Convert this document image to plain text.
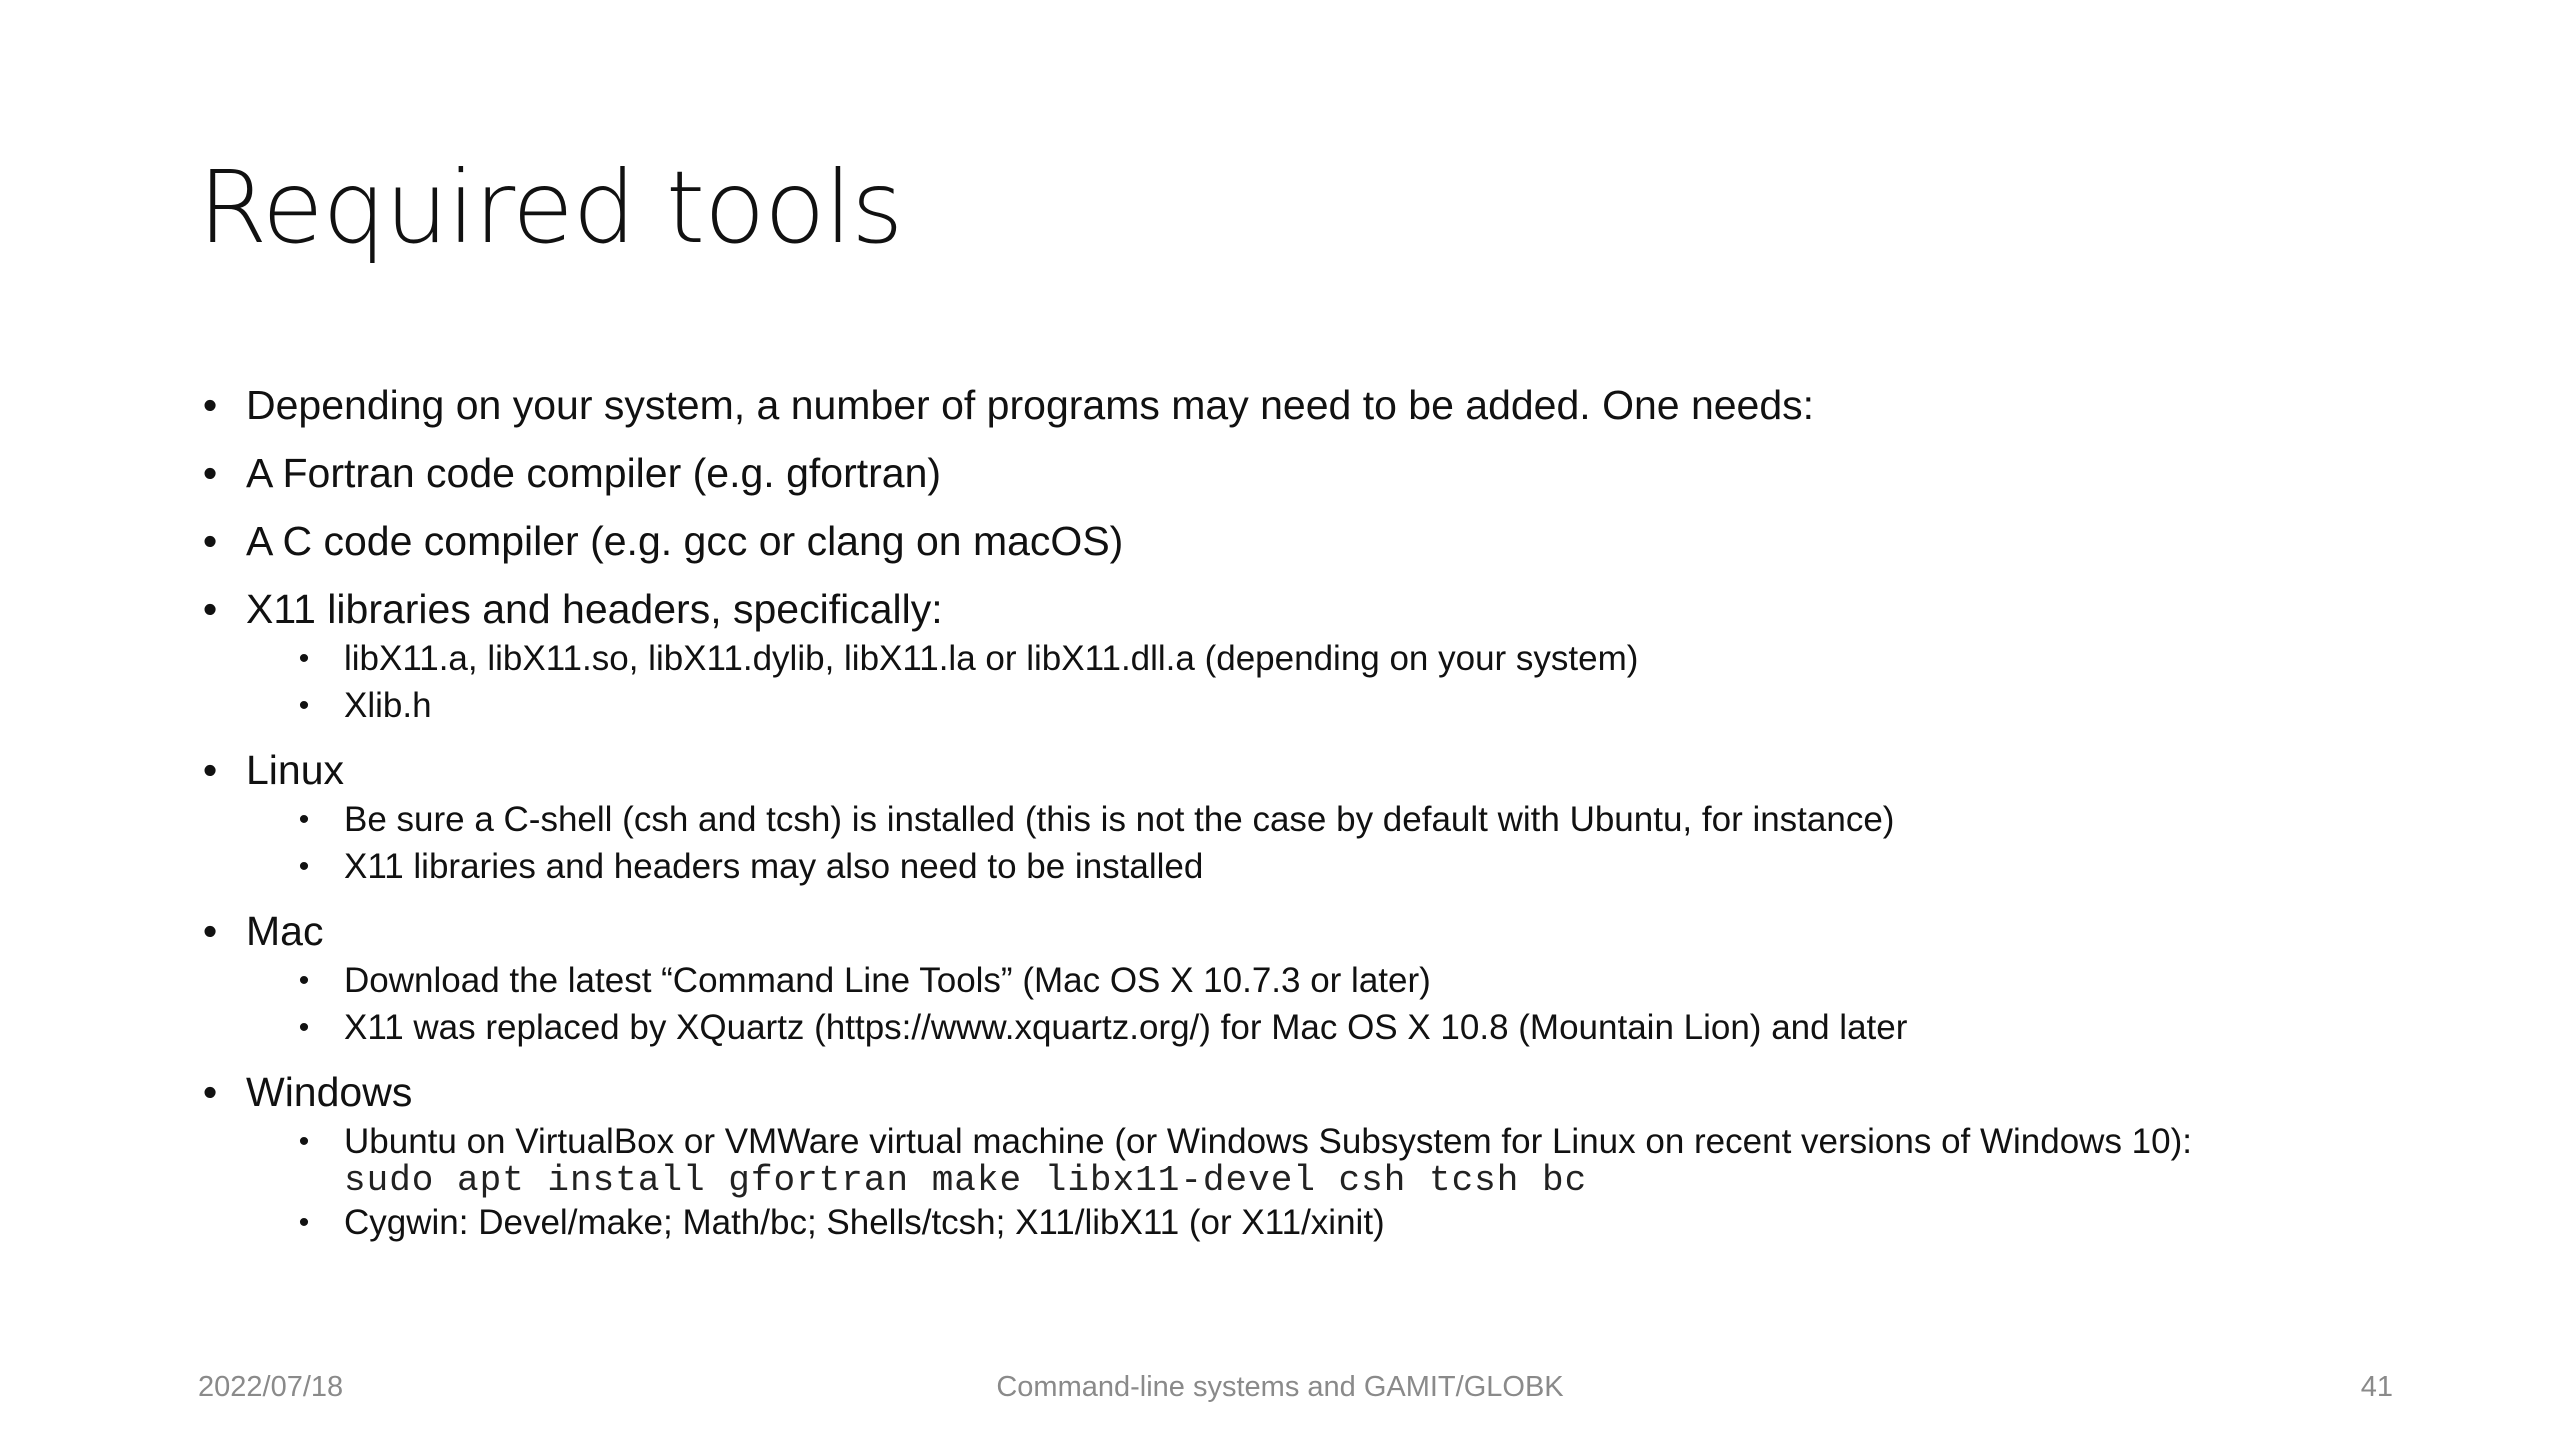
Required tools
• Depending on your system, a number of programs may need to be added. One needs:
• A Fortran code compiler (e.g. gfortran)
• A C code compiler (e.g. gcc or clang on macOS)
• X11 libraries and headers, specifically:
• libX11.a, libX11.so, libX11.dylib, libX11.la or libX11.dll.a (depending on your system)
• Xlib.h
• Linux
• Be sure a C-shell (csh and tcsh) is installed (this is not the case by default with Ubuntu, for instance)
• X11 libraries and headers may also need to be installed
• Mac
• Download the latest “Command Line Tools” (Mac OS X 10.7.3 or later)
• X11 was replaced by XQuartz (https://www.xquartz.org/) for Mac OS X 10.8 (Mountain Lion) and later
• Windows
• Ubuntu on VirtualBox or VMWare virtual machine (or Windows Subsystem for Linux on recent versions of Windows 10):
sudo apt install gfortran make libx11-devel csh tcsh bc
• Cygwin: Devel/make; Math/bc; Shells/tcsh; X11/libX11 (or X11/xinit)
2022/07/18	Command-line systems and GAMIT/GLOBK	41
